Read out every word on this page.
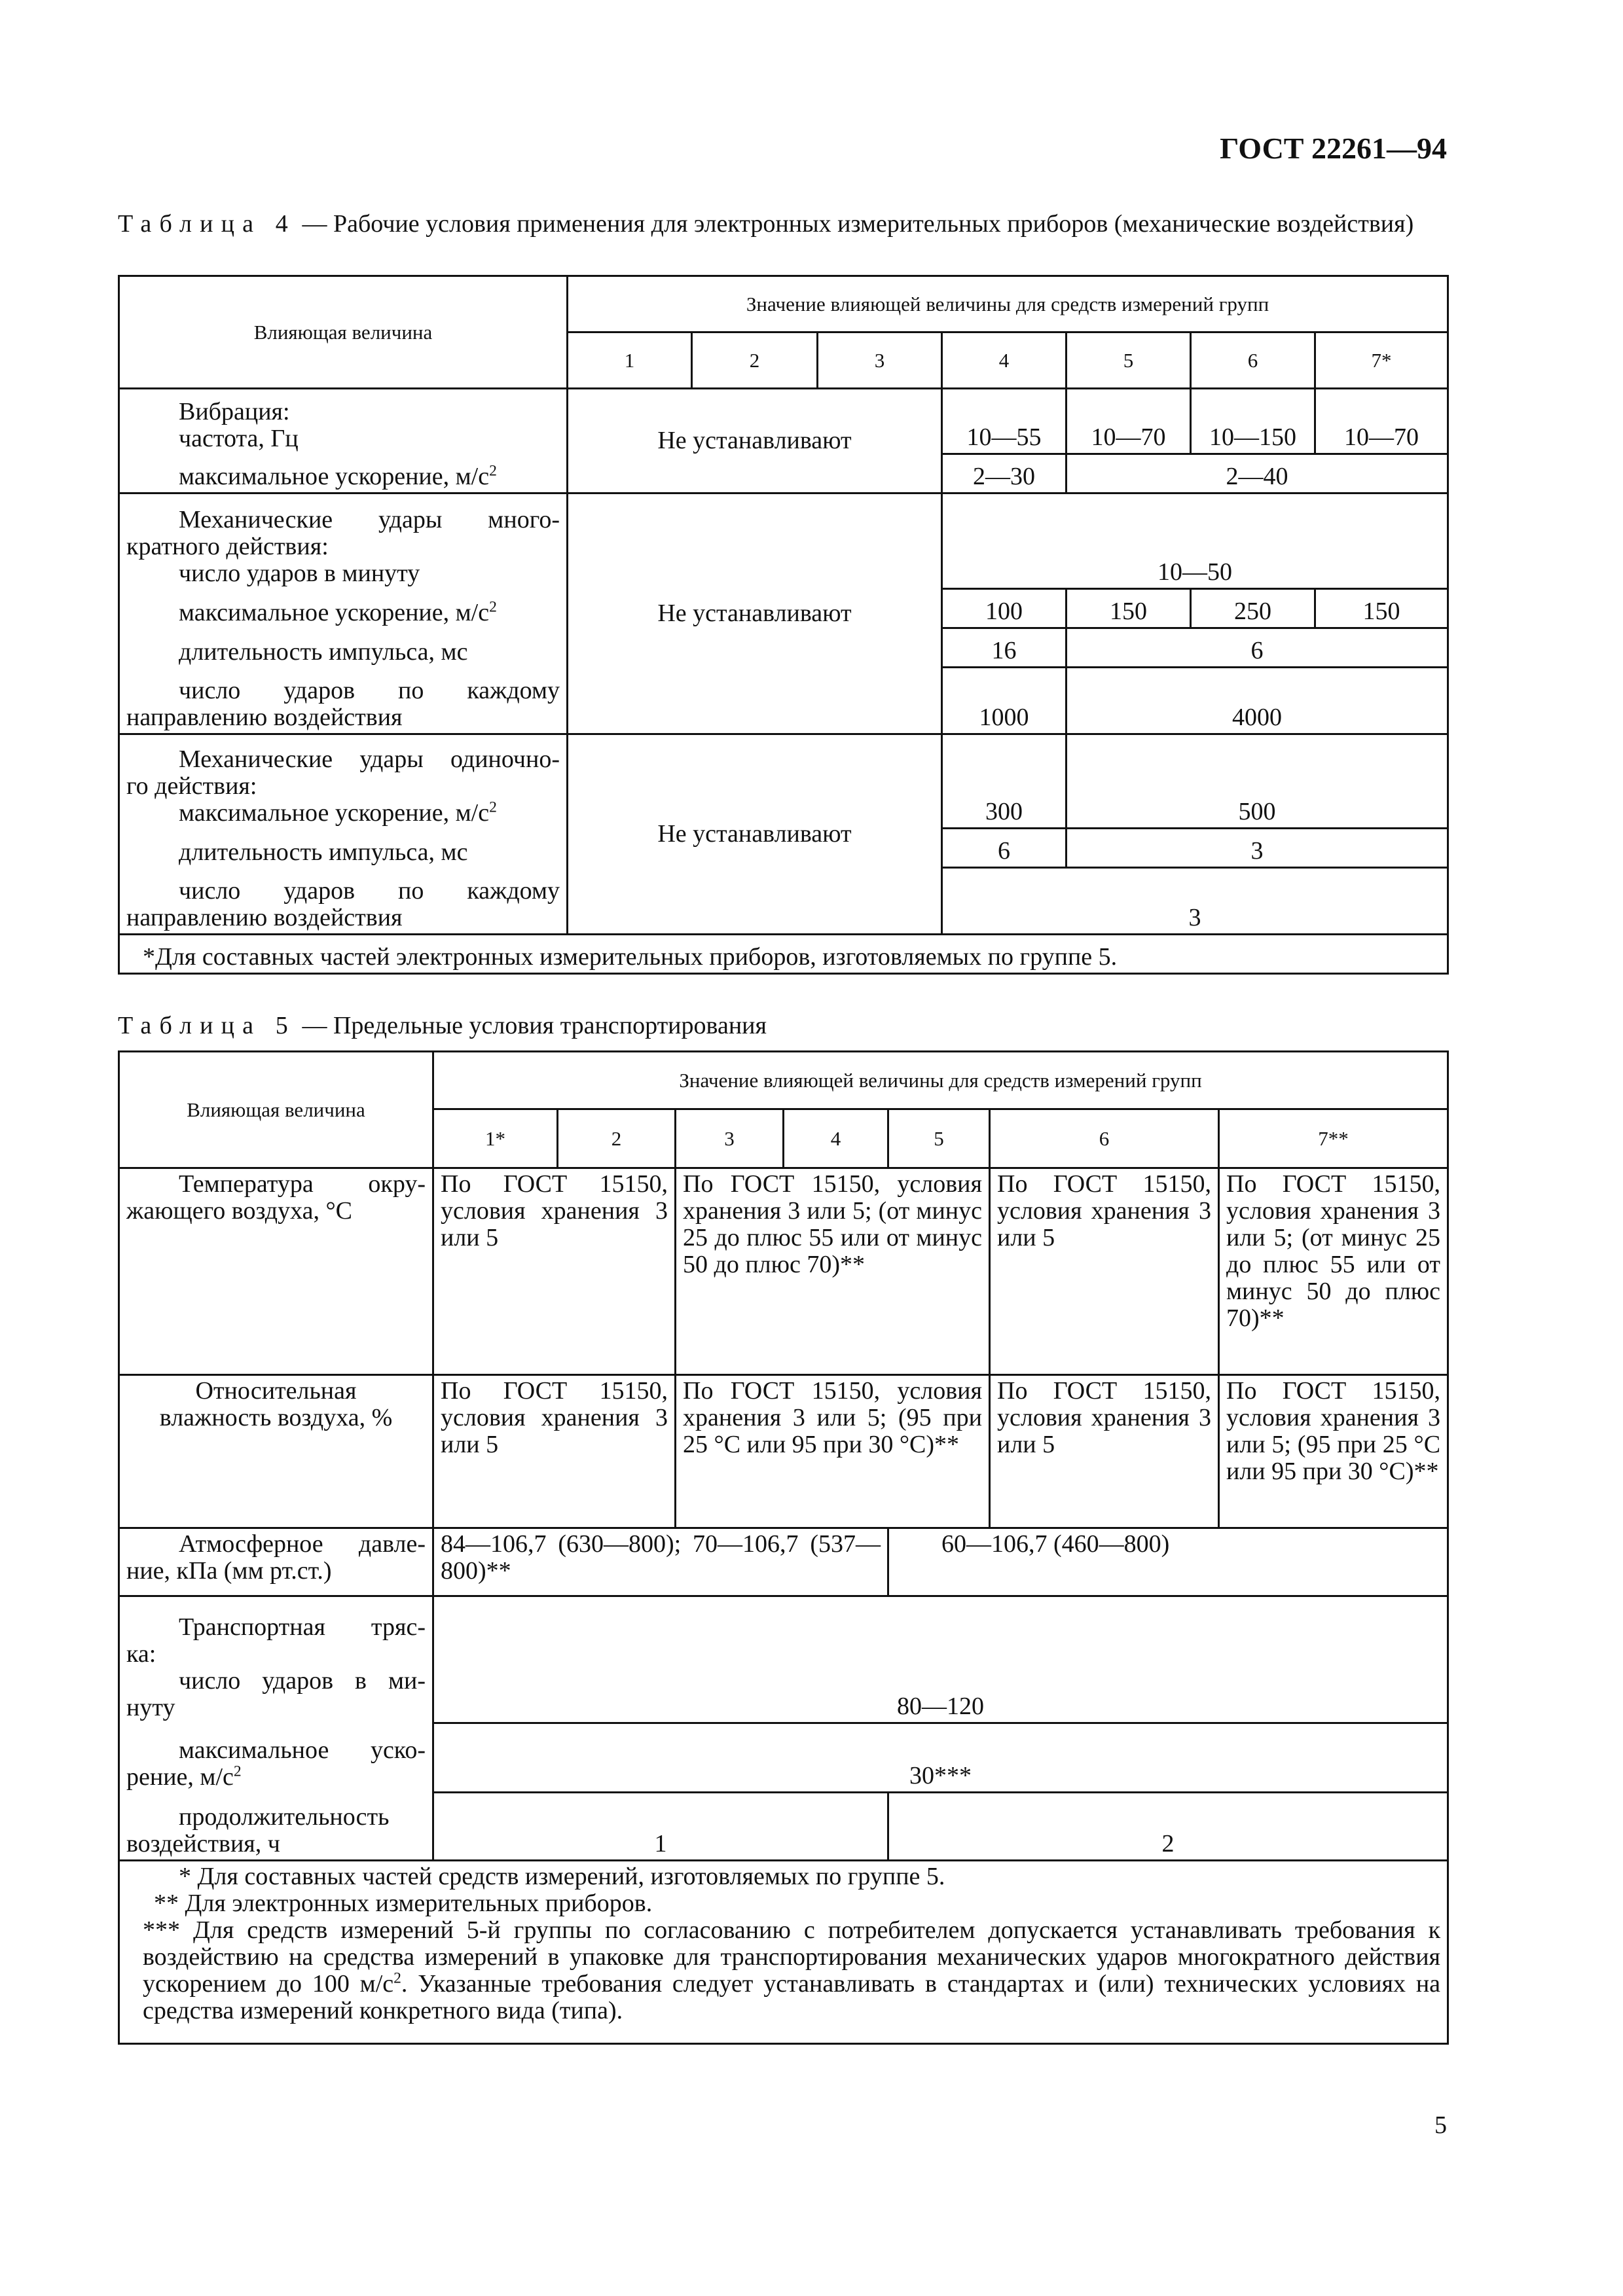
ГОСТ 22261—94
Таблица 4 — Рабочие условия применения для электронных измерительных приборов (механические воздействия)
Влияющая величина	Значение влияющей величины для средств измерений групп						
	1	2	3	4	5	6	7*

Вибрация:
частота, Гц	Не устанавливают			10—55	10—70	10—150	10—70

максимальное ускорение, $м/с^2$				2—30	2—40		

Механические удары много-
кратного действия:
число ударов в минуту	Не устанавливают			10—50			

максимальное ускорение, $м/с^2$				100	150	250	150

длительность импульса, мс				16	6		

число ударов по каждому
направлению воздействия				1000	4000		

Механические удары одиночно-
го действия:
максимальное ускорение, $м/с^2$	Не устанавливают			300	500		

длительность импульса, мс				6	3		

число ударов по каждому
направлению воздействия				3			

*Для составных частей электронных измерительных приборов, изготовляемых по группе 5.							
Таблица 5 — Предельные условия транспортирования
Влияющая величина	Значение влияющей величины для средств измерений групп						
	1*	2	3	4	5	6	7**

Температура окру-
жающего воздуха, °С	По ГОСТ 15150, условия хранения 3 или 5		По ГОСТ 15150, условия хранения 3 или 5; (от минус 25 до плюс 55 или от минус 50 до плюс 70)**			По ГОСТ 15150, условия хранения 3 или 5	По ГОСТ 15150, условия хранения 3 или 5; (от минус 25 до плюс 55 или от минус 50 до плюс 70)**

Относительная
влажность воздуха, %	По ГОСТ 15150, условия хранения 3 или 5		По ГОСТ 15150, условия хранения 3 или 5; (95 при 25 °С или 95 при 30 °С)**			По ГОСТ 15150, условия хранения 3 или 5	По ГОСТ 15150, условия хранения 3 или 5; (95 при 25 °С или 95 при 30 °С)**

Атмосферное давле-
ние, кПа (мм рт.ст.)	84—106,7 (630—800); 70—106,7 (537—800)**				60—106,7 (460—800)		

Транспортная тряс-
ка:
число ударов в ми-
нуту	80—120						

максимальное уско-
рение, $м/с^2$	30***						

продолжительность
воздействия, ч	1				2		

* Для составных частей средств измерений, изготовляемых по группе 5.
** Для электронных измерительных приборов.
*** Для средств измерений 5-й группы по согласованию с потребителем допускается устанавливать требования к воздействию на средства измерений в упаковке для транспортирования механических ударов многократного действия ускорением до 100 $м/с^2$. Указанные требования следует устанавливать в стандартах и (или) технических условиях на средства измерений конкретного вида (типа).							
5
